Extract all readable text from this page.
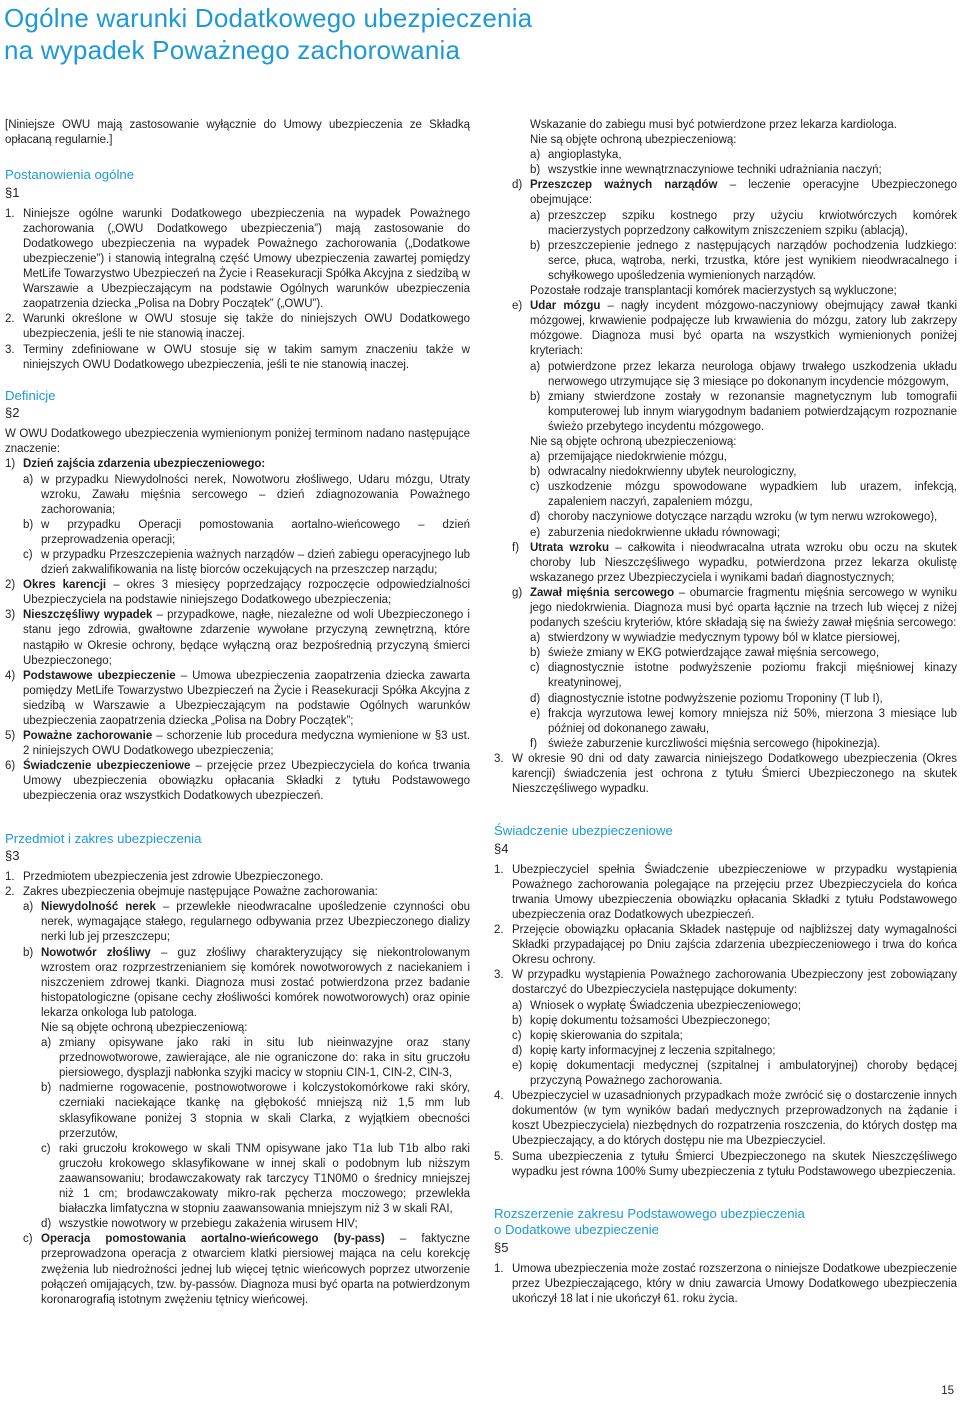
Ogólne warunki Dodatkowego ubezpieczenia
na wypadek Poważnego zachorowania

[Niniejsze OWU mają zastosowanie wyłącznie do Umowy ubezpieczenia ze Składką opłacaną regularnie.]

Postanowienia ogólne

§1

1. Niniejsze ogólne warunki Dodatkowego ubezpieczenia na wypadek Poważnego zachorowania („OWU Dodatkowego ubezpieczenia”) mają zastosowanie do Dodatkowego ubezpieczenia na wypadek Poważnego zachorowania („Dodatkowe ubezpieczenie”) i stanowią integralną część Umowy ubezpieczenia zawartej pomiędzy MetLife Towarzystwo Ubezpieczeń na Życie i Reasekuracji Spółka Akcyjna z siedzibą w Warszawie a Ubezpieczającym na podstawie Ogólnych warunków ubezpieczenia zaopatrzenia dziecka „Polisa na Dobry Początek” („OWU”).
2. Warunki określone w OWU stosuje się także do niniejszych OWU Dodatkowego ubezpieczenia, jeśli te nie stanowią inaczej.
3. Terminy zdefiniowane w OWU stosuje się w takim samym znaczeniu także w niniejszych OWU Dodatkowego ubezpieczenia, jeśli te nie stanowią inaczej.

Definicje

§2

W OWU Dodatkowego ubezpieczenia wymienionym poniżej terminom nadano następujące znaczenie:

1) Dzień zajścia zdarzenia ubezpieczeniowego:
a) w przypadku Niewydolności nerek, Nowotworu złośliwego, Udaru mózgu, Utraty wzroku, Zawału mięśnia sercowego – dzień zdiagnozowania Poważnego zachorowania;
b) w przypadku Operacji pomostowania aortalno-wieńcowego – dzień przeprowadzenia operacji;
c) w przypadku Przeszczepienia ważnych narządów – dzień zabiegu operacyjnego lub dzień zakwalifikowania na listę biorców oczekujących na przeszczep narządu;
2) Okres karencji – okres 3 miesięcy poprzedzający rozpoczęcie odpowiedzialności Ubezpieczyciela na podstawie niniejszego Dodatkowego ubezpieczenia;
3) Nieszczęśliwy wypadek – przypadkowe, nagłe, niezależne od woli Ubezpieczonego i stanu jego zdrowia, gwałtowne zdarzenie wywołane przyczyną zewnętrzną, które nastąpiło w Okresie ochrony, będące wyłączną oraz bezpośrednią przyczyną śmierci Ubezpieczonego;
4) Podstawowe ubezpieczenie – Umowa ubezpieczenia zaopatrzenia dziecka zawarta pomiędzy MetLife Towarzystwo Ubezpieczeń na Życie i Reasekuracji Spółka Akcyjna z siedzibą w Warszawie a Ubezpieczającym na podstawie Ogólnych warunków ubezpieczenia zaopatrzenia dziecka „Polisa na Dobry Początek”;
5) Poważne zachorowanie – schorzenie lub procedura medyczna wymienione w §3 ust. 2 niniejszych OWU Dodatkowego ubezpieczenia;
6) Świadczenie ubezpieczeniowe – przejęcie przez Ubezpieczyciela do końca trwania Umowy ubezpieczenia obowiązku opłacania Składki z tytułu Podstawowego ubezpieczenia oraz wszystkich Dodatkowych ubezpieczeń.

Przedmiot i zakres ubezpieczenia

§3

1. Przedmiotem ubezpieczenia jest zdrowie Ubezpieczonego.
2. Zakres ubezpieczenia obejmuje następujące Poważne zachorowania:
a) Niewydolność nerek – przewlekłe nieodwracalne upośledzenie czynności obu nerek, wymagające stałego, regularnego odbywania przez Ubezpieczonego dializy nerki lub jej przeszczepu;
b) Nowotwór złośliwy – guz złośliwy charakteryzujący się niekontrolowanym wzrostem oraz rozprzestrzenianiem się komórek nowotworowych z naciekaniem i niszczeniem zdrowej tkanki. Diagnoza musi zostać potwierdzona przez badanie histopatologiczne (opisane cechy złośliwości komórek nowotworowych) oraz opinie lekarza onkologa lub patologa.

Nie są objęte ochroną ubezpieczeniową:

a) zmiany opisywane jako raki in situ lub nieinwazyjne oraz stany przednowotworowe, zawierające, ale nie ograniczone do: raka in situ gruczołu piersiowego, dysplazji nabłonka szyjki macicy w stopniu CIN-1, CIN-2, CIN-3,
b) nadmierne rogowacenie, postnowotworowe i kolczystokomórkowe raki skóry, czerniaki naciekające tkankę na głębokość mniejszą niż 1,5 mm lub sklasyfikowane poniżej 3 stopnia w skali Clarka, z wyjątkiem obecności przerzutów,
c) raki gruczołu krokowego w skali TNM opisywane jako T1a lub T1b albo raki gruczołu krokowego sklasyfikowane w innej skali o podobnym lub niższym zaawansowaniu; brodawczakowaty rak tarczycy T1N0M0 o średnicy mniejszej niż 1 cm; brodawczakowaty mikro-rak pęcherza moczowego; przewlekła białaczka limfatyczna w stopniu zaawansowania mniejszym niż 3 w skali RAI,
d) wszystkie nowotwory w przebiegu zakażenia wirusem HIV;
c) Operacja pomostowania aortalno-wieńcowego (by-pass) – faktyczne przeprowadzona operacja z otwarciem klatki piersiowej mająca na celu korekcję zwężenia lub niedrożności jednej lub więcej tętnic wieńcowych poprzez utworzenie połączeń omijających, tzw. by-passów. Diagnoza musi być oparta na potwierdzonym koronarografią istotnym zwężeniu tętnicy wieńcowej.

Wskazanie do zabiegu musi być potwierdzone przez lekarza kardiologa.

Nie są objęte ochroną ubezpieczeniową:

a) angioplastyka,
b) wszystkie inne wewnątrznaczyniowe techniki udrażniania naczyń;
d) Przeszczep ważnych narządów – leczenie operacyjne Ubezpieczonego obejmujące:
a) przeszczep szpiku kostnego przy użyciu krwiotwórczych komórek macierzystych poprzedzony całkowitym zniszczeniem szpiku (ablacją),
b) przeszczepienie jednego z następujących narządów pochodzenia ludzkiego: serce, płuca, wątroba, nerki, trzustka, które jest wynikiem nieodwracalnego i schyłkowego upośledzenia wymienionych narządów.

Pozostałe rodzaje transplantacji komórek macierzystych są wykluczone;

e) Udar mózgu – nagły incydent mózgowo-naczyniowy obejmujący zawał tkanki mózgowej, krwawienie podpajęcze lub krwawienia do mózgu, zatory lub zakrzepy mózgowe. Diagnoza musi być oparta na wszystkich wymienionych poniżej kryteriach:
a) potwierdzone przez lekarza neurologa objawy trwałego uszkodzenia układu nerwowego utrzymujące się 3 miesiące po dokonanym incydencie mózgowym,
b) zmiany stwierdzone zostały w rezonansie magnetycznym lub tomografii komputerowej lub innym wiarygodnym badaniem potwierdzającym rozpoznanie świeżo przebytego incydentu mózgowego.

Nie są objęte ochroną ubezpieczeniową:

a) przemijające niedokrwienie mózgu,
b) odwracalny niedokrwienny ubytek neurologiczny,
c) uszkodzenie mózgu spowodowane wypadkiem lub urazem, infekcją, zapaleniem naczyń, zapaleniem mózgu,
d) choroby naczyniowe dotyczące narządu wzroku (w tym nerwu wzrokowego),
e) zaburzenia niedokrwienne układu równowagi;
f) Utrata wzroku – całkowita i nieodwracalna utrata wzroku obu oczu na skutek choroby lub Nieszczęśliwego wypadku, potwierdzona przez lekarza okulistę wskazanego przez Ubezpieczyciela i wynikami badań diagnostycznych;
g) Zawał mięśnia sercowego – obumarcie fragmentu mięśnia sercowego w wyniku jego niedokrwienia. Diagnoza musi być oparta łącznie na trzech lub więcej z niżej podanych sześciu kryteriów, które składają się na świeży zawał mięśnia sercowego:
a) stwierdzony w wywiadzie medycznym typowy ból w klatce piersiowej,
b) świeże zmiany w EKG potwierdzające zawał mięśnia sercowego,
c) diagnostycznie istotne podwyższenie poziomu frakcji mięśniowej kinazy kreatyninowej,
d) diagnostycznie istotne podwyższenie poziomu Troponiny (T lub I),
e) frakcja wyrzutowa lewej komory mniejsza niż 50%, mierzona 3 miesiące lub później od dokonanego zawału,
f) świeże zaburzenie kurczliwości mięśnia sercowego (hipokinezja).
3. W okresie 90 dni od daty zawarcia niniejszego Dodatkowego ubezpieczenia (Okres karencji) świadczenia jest ochrona z tytułu Śmierci Ubezpieczonego na skutek Nieszczęśliwego wypadku.

Świadczenie ubezpieczeniowe

§4

1. Ubezpieczyciel spełnia Świadczenie ubezpieczeniowe w przypadku wystąpienia Poważnego zachorowania polegające na przejęciu przez Ubezpieczyciela do końca trwania Umowy ubezpieczenia obowiązku opłacania Składki z tytułu Podstawowego ubezpieczenia oraz Dodatkowych ubezpieczeń.
2. Przejęcie obowiązku opłacania Składek następuje od najbliższej daty wymagalności Składki przypadającej po Dniu zajścia zdarzenia ubezpieczeniowego i trwa do końca Okresu ochrony.
3. W przypadku wystąpienia Poważnego zachorowania Ubezpieczony jest zobowiązany dostarczyć do Ubezpieczyciela następujące dokumenty:
a) Wniosek o wypłatę Świadczenia ubezpieczeniowego;
b) kopię dokumentu tożsamości Ubezpieczonego;
c) kopię skierowania do szpitala;
d) kopię karty informacyjnej z leczenia szpitalnego;
e) kopię dokumentacji medycznej (szpitalnej i ambulatoryjnej) choroby będącej przyczyną Poważnego zachorowania.
4. Ubezpieczyciel w uzasadnionych przypadkach może zwrócić się o dostarczenie innych dokumentów (w tym wyników badań medycznych przeprowadzonych na żądanie i koszt Ubezpieczyciela) niezbędnych do rozpatrzenia roszczenia, do których dostęp ma Ubezpieczający, a do których dostępu nie ma Ubezpieczyciel.
5. Suma ubezpieczenia z tytułu Śmierci Ubezpieczonego na skutek Nieszczęśliwego wypadku jest równa 100% Sumy ubezpieczenia z tytułu Podstawowego ubezpieczenia.

Rozszerzenie zakresu Podstawowego ubezpieczenia

o Dodatkowe ubezpieczenie

§5

1. Umowa ubezpieczenia może zostać rozszerzona o niniejsze Dodatkowe ubezpieczenie przez Ubezpieczającego, który w dniu zawarcia Umowy Dodatkowego ubezpieczenia ukończył 18 lat i nie ukończył 61. roku życia.
15
